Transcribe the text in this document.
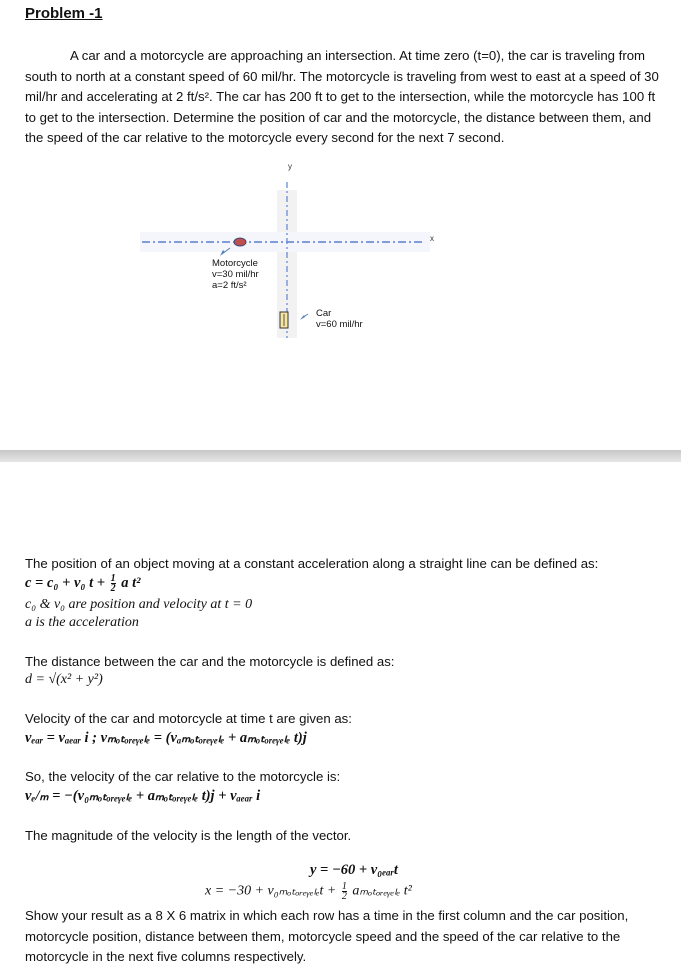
Problem -1
A car and a motorcycle are approaching an intersection. At time zero (t=0), the car is traveling from south to north at a constant speed of 60 mil/hr. The motorcycle is traveling from west to east at a speed of 30 mil/hr and accelerating at 2 ft/s². The car has 200 ft to get to the intersection, while the motorcycle has 100 ft to get to the intersection. Determine the position of car and the motorcycle, the distance between them, and the speed of the car relative to the motorcycle every second for the next 7 second.
y
x
Motorcycle
v=30 mil/hr
a=2 ft/s²
Car
v=60 mil/hr
The position of an object moving at a constant acceleration along a straight line can be defined as:
c = c₀ + v₀ $t + \frac{1}{2}$ a t²
c₀ & v₀ are position and velocity at t = 0
a is the acceleration
The distance between the car and the motorcycle is defined as:
d = √(x² + y²)
Velocity of the car and motorcycle at time t are given as:
vₑₐᵣ = vₐₑₐᵣ i ; vₘₒₜₒᵣₑᵧₑₗₑ = (vₐₘₒₜₒᵣₑᵧₑₗₑ + aₘₒₜₒᵣₑᵧₑₗₑ t)j
So, the velocity of the car relative to the motorcycle is:
vₑ/ₘ = −(v₀ₘₒₜₒᵣₑᵧₑₗₑ + aₘₒₜₒᵣₑᵧₑₗₑ t)j + vₐₑₐᵣ i
The magnitude of the velocity is the length of the vector.
y = −60 + v₀ₑₐᵣt
x = −30 + v₀ₘₒₜₒᵣₑᵧₑₗₑt + $\frac{1}{2}$ aₘₒₜₒᵣₑᵧₑₗₑ t²
Show your result as a 8 X 6 matrix in which each row has a time in the first column and the car position, motorcycle position, distance between them, motorcycle speed and the speed of the car relative to the motorcycle in the next five columns respectively.
